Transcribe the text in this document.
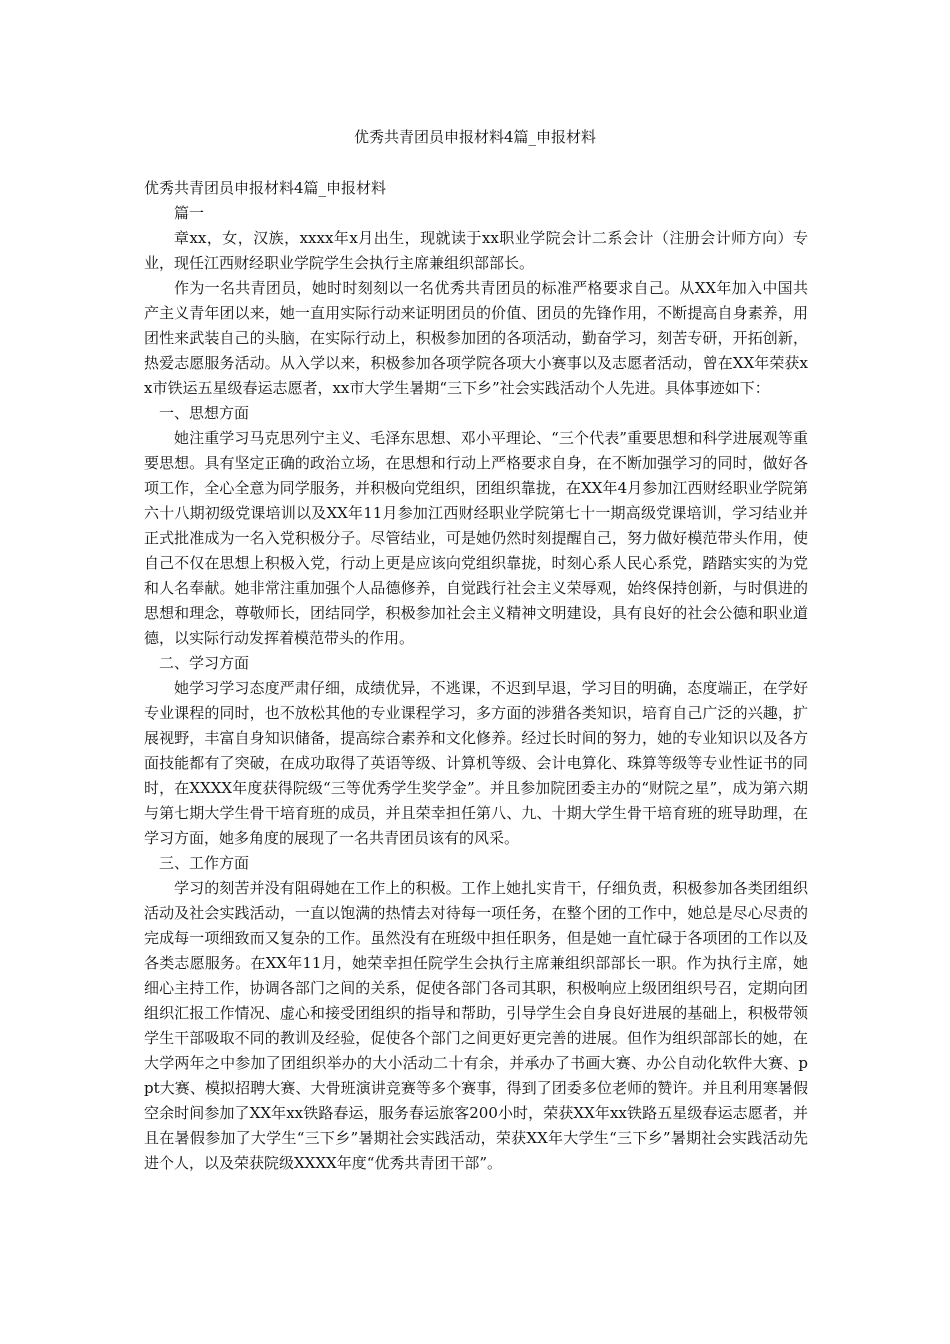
优秀共青团员申报材料4篇_申报材料

优秀共青团员申报材料4篇_申报材料

篇一

章xx，女，汉族，xxxx年x月出生，现就读于xx职业学院会计二系会计（注册会计师方向）专业，现任江西财经职业学院学生会执行主席兼组织部部长。

作为一名共青团员，她时时刻刻以一名优秀共青团员的标准严格要求自己。从XX年加入中国共产主义青年团以来，她一直用实际行动来证明团员的价值、团员的先锋作用，不断提高自身素养，用团性来武装自己的头脑，在实际行动上，积极参加团的各项活动，勤奋学习，刻苦专研，开拓创新，热爱志愿服务活动。从入学以来，积极参加各项学院各项大小赛事以及志愿者活动，曾在XX年荣获xx市铁运五星级春运志愿者，xx市大学生暑期“三下乡”社会实践活动个人先进。具体事迹如下：

一、思想方面

她注重学习马克思列宁主义、毛泽东思想、邓小平理论、“三个代表”重要思想和科学进展观等重要思想。具有坚定正确的政治立场，在思想和行动上严格要求自身，在不断加强学习的同时，做好各项工作，全心全意为同学服务，并积极向党组织，团组织靠拢，在XX年4月参加江西财经职业学院第六十八期初级党课培训以及XX年11月参加江西财经职业学院第七十一期高级党课培训，学习结业并正式批准成为一名入党积极分子。尽管结业，可是她仍然时刻提醒自己，努力做好模范带头作用，使自己不仅在思想上积极入党，行动上更是应该向党组织靠拢，时刻心系人民心系党，踏踏实实的为党和人名奉献。她非常注重加强个人品德修养，自觉践行社会主义荣辱观，始终保持创新，与时俱进的思想和理念，尊敬师长，团结同学，积极参加社会主义精神文明建设，具有良好的社会公德和职业道德，以实际行动发挥着模范带头的作用。

二、学习方面

她学习学习态度严肃仔细，成绩优异，不逃课，不迟到早退，学习目的明确，态度端正，在学好专业课程的同时，也不放松其他的专业课程学习，多方面的涉猎各类知识，培育自己广泛的兴趣，扩展视野，丰富自身知识储备，提高综合素养和文化修养。经过长时间的努力，她的专业知识以及各方面技能都有了突破，在成功取得了英语等级、计算机等级、会计电算化、珠算等级等专业性证书的同时，在XXXX年度获得院级“三等优秀学生奖学金”。并且参加院团委主办的“财院之星”，成为第六期与第七期大学生骨干培育班的成员，并且荣幸担任第八、九、十期大学生骨干培育班的班导助理，在学习方面，她多角度的展现了一名共青团员该有的风采。

三、工作方面

学习的刻苦并没有阻碍她在工作上的积极。工作上她扎实肯干，仔细负责，积极参加各类团组织活动及社会实践活动，一直以饱满的热情去对待每一项任务，在整个团的工作中，她总是尽心尽责的完成每一项细致而又复杂的工作。虽然没有在班级中担任职务，但是她一直忙碌于各项团的工作以及各类志愿服务。在XX年11月，她荣幸担任院学生会执行主席兼组织部部长一职。作为执行主席，她细心主持工作，协调各部门之间的关系，促使各部门各司其职，积极响应上级团组织号召，定期向团组织汇报工作情况、虚心和接受团组织的指导和帮助，引导学生会自身良好进展的基础上，积极带领学生干部吸取不同的教训及经验，促使各个部门之间更好更完善的进展。但作为组织部部长的她，在大学两年之中参加了团组织举办的大小活动二十有余，并承办了书画大赛、办公自动化软件大赛、ppt大赛、模拟招聘大赛、大骨班演讲竞赛等多个赛事，得到了团委多位老师的赞许。并且利用寒暑假空余时间参加了XX年xx铁路春运，服务春运旅客200小时，荣获XX年xx铁路五星级春运志愿者，并且在暑假参加了大学生“三下乡”暑期社会实践活动，荣获XX年大学生“三下乡”暑期社会实践活动先进个人，以及荣获院级XXXX年度“优秀共青团干部”。
